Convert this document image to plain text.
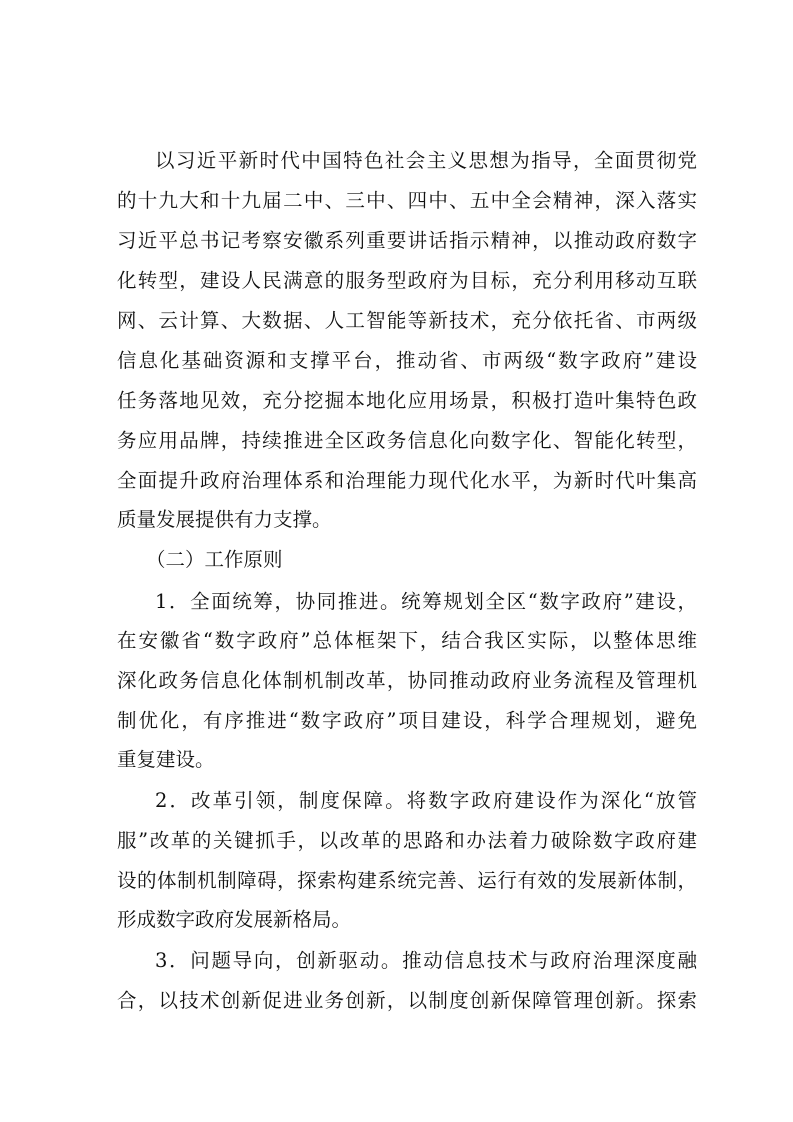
以习近平新时代中国特色社会主义思想为指导，全面贯彻党
的十九大和十九届二中、三中、四中、五中全会精神，深入落实
习近平总书记考察安徽系列重要讲话指示精神，以推动政府数字
化转型，建设人民满意的服务型政府为目标，充分利用移动互联
网、云计算、大数据、人工智能等新技术，充分依托省、市两级
信息化基础资源和支撑平台，推动省、市两级“数字政府”建设
任务落地见效，充分挖掘本地化应用场景，积极打造叶集特色政
务应用品牌，持续推进全区政务信息化向数字化、智能化转型，
全面提升政府治理体系和治理能力现代化水平，为新时代叶集高
质量发展提供有力支撑。
（二）工作原则
1．全面统筹，协同推进。统筹规划全区“数字政府”建设，
在安徽省“数字政府”总体框架下，结合我区实际，以整体思维
深化政务信息化体制机制改革，协同推动政府业务流程及管理机
制优化，有序推进“数字政府”项目建设，科学合理规划，避免
重复建设。
2．改革引领，制度保障。将数字政府建设作为深化“放管
服”改革的关键抓手，以改革的思路和办法着力破除数字政府建
设的体制机制障碍，探索构建系统完善、运行有效的发展新体制，
形成数字政府发展新格局。
3．问题导向，创新驱动。推动信息技术与政府治理深度融
合，以技术创新促进业务创新，以制度创新保障管理创新。探索
